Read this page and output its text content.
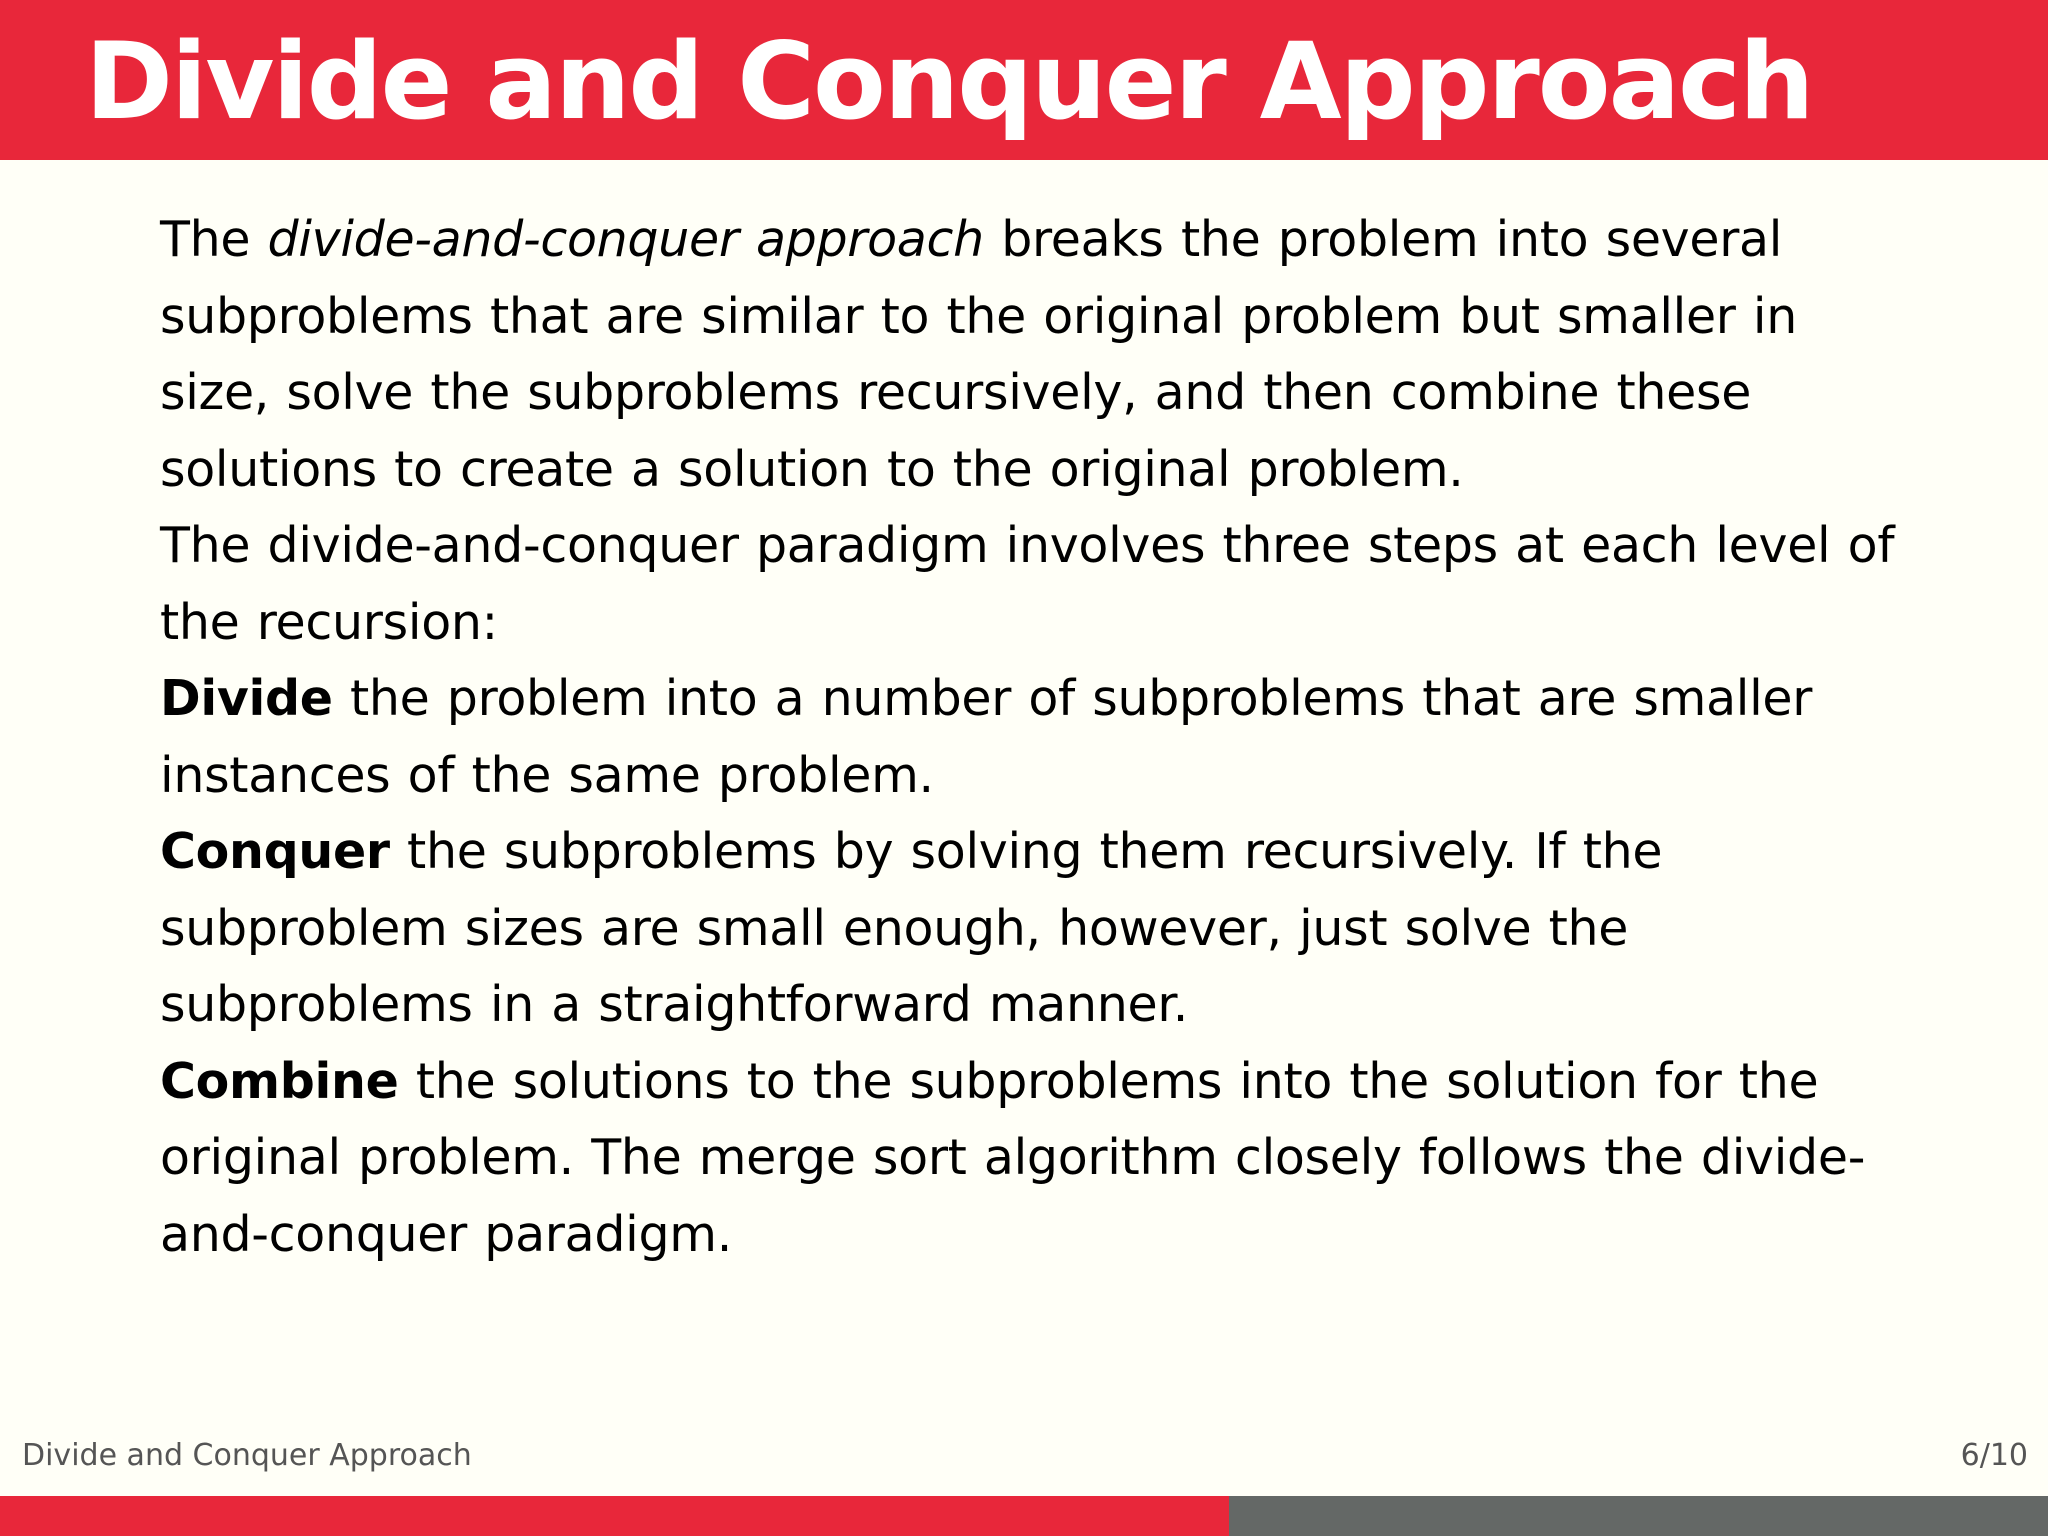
Divide and Conquer Approach

The divide-and-conquer approach breaks the problem into several subproblems that are similar to the original problem but smaller in size, solve the subproblems recursively, and then combine these solutions to create a solution to the original problem.

The divide-and-conquer paradigm involves three steps at each level of the recursion:

Divide the problem into a number of subproblems that are smaller instances of the same problem.

Conquer the subproblems by solving them recursively. If the subproblem sizes are small enough, however, just solve the subproblems in a straightforward manner.

Combine the solutions to the subproblems into the solution for the original problem. The merge sort algorithm closely follows the divide-and-conquer paradigm.

Divide and Conquer Approach	6/10
